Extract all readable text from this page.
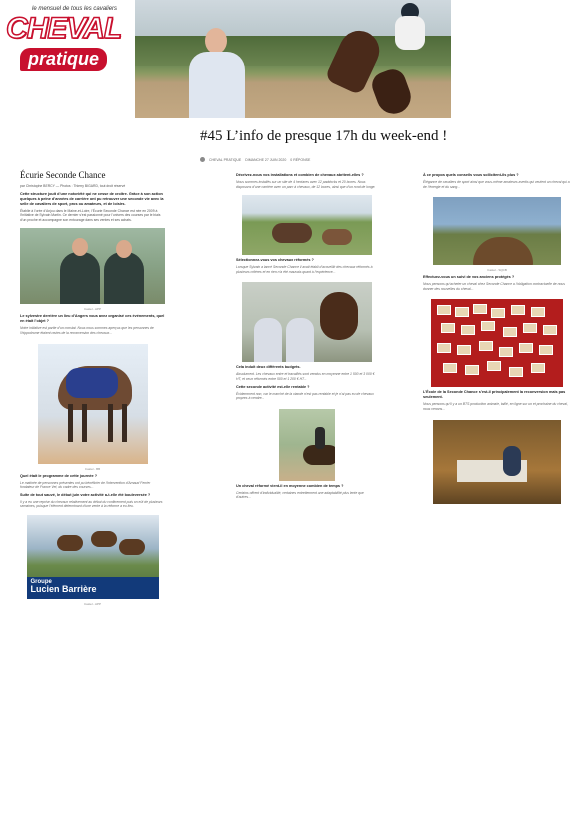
le mensuel de tous les cavaliers
CHEVAL
pratique
#45 L’info de presque 17h du week-end !
CHEVAL PRATIQUE DIMANCHE 27 JUIN 2020 0 RÉPONSE
Écurie Seconde Chance
par Christophe BERCY — Photos : Thierry BIGARD, tout droit réservé
Cette structure jouit d’une notoriété qui ne cesse de croître. Grâce à son action quelques à peine d’années de carrière ont pu retrouver une seconde vie avec la selle de cavaliers de sport, pros ou amateurs, et de loisirs.
Établie à l’orée d’Anjou dans le Maine-et-Loire, l’Écurie Seconde Chance est née en 2009 à l’initiative de Sylvain Martin. Ce dernier s’est passionné pour l’univers des courses par le biais d’un proche et accompagne son entourage dans ses ventes et ses achats.
Castel - APP
Le sylvestre derrière un lieu d’Angers vous avez organisé ces événements, quel en était l’objet ?
Notre initiative est partie d’un constat. Nous nous sommes aperçus que les personnes de l’hippodrome étaient ravies de la reconversion des chevaux...
Castel - BB
Quel était le programme de cette journée ?
Le matinée de personnes présentes ont pu bénéficier de l’intervention d’Arnaud Ferrier fondateur de France Vet, du cadre des courses...
Suite de tout sauvé, le début juin votre activité a-t-elle été bouleversée ?
Il y a eu une reprise du chevaux relativement au début du confinement puis on eût de plusieurs semaines, puisque l’élément déterminant d’une vente à la réforme a eu lieu.
Groupe
Lucien Barrière
Castel - APP
Décrivez-nous vos installations et combien de chevaux abritent-elles ?
Nous sommes installés sur un site de 4 hectares avec 12 paddocks et 20 boxes. Nous disposons d’une carrière avec un parc à chevaux, de 12 boxes, ainsi que d’un rond de longe.
Sélectionnez-vous vos chevaux réformés ?
Lorsque Sylvain a lancé Seconde Chance il avait établi d’accueillir des chevaux réformés à plusieurs critères et en rien n’a été mauvais quant à l’expérience...
Cela induit deux différents budgets.
Absolument. Les chevaux entre et travaillés sont vendus en moyenne entre 1 500 et 3 000 € HT, et ceux réformés entre 500 et 1 200 € HT...
Cette seconde activité est-elle rentable ?
Évidemment non, car le marché de la viande n’est pas rentable et je n’ai pas eu de chevaux propres à vendre...
Un cheval réformé vient-il en moyenne combien de temps ?
Certains offrent d’individualité, certaines entretiennent une adaptabilité plus lente que d’autres...
À ce propos quels conseils vous sollicitent-ils plus ?
Élégance de cavaliers de sport ainsi que vous-même amateurs avertis qui veulent un cheval qui a de l’énergie et du sang...
Castel - SQCB
Effectuez-vous un suivi de vos anciens protégés ?
Nous pensons qu’acheter un cheval chez Seconde Chance a l’obligation contractuelle de nous donner des nouvelles du cheval...
L’École de la Seconde Chance s’est-il principalement la reconversion mais pas seulement.
Nous pensons qu’il y a un BTS production animale, taillé, en ligne sur un et prochaine du cheval, nous venons...
